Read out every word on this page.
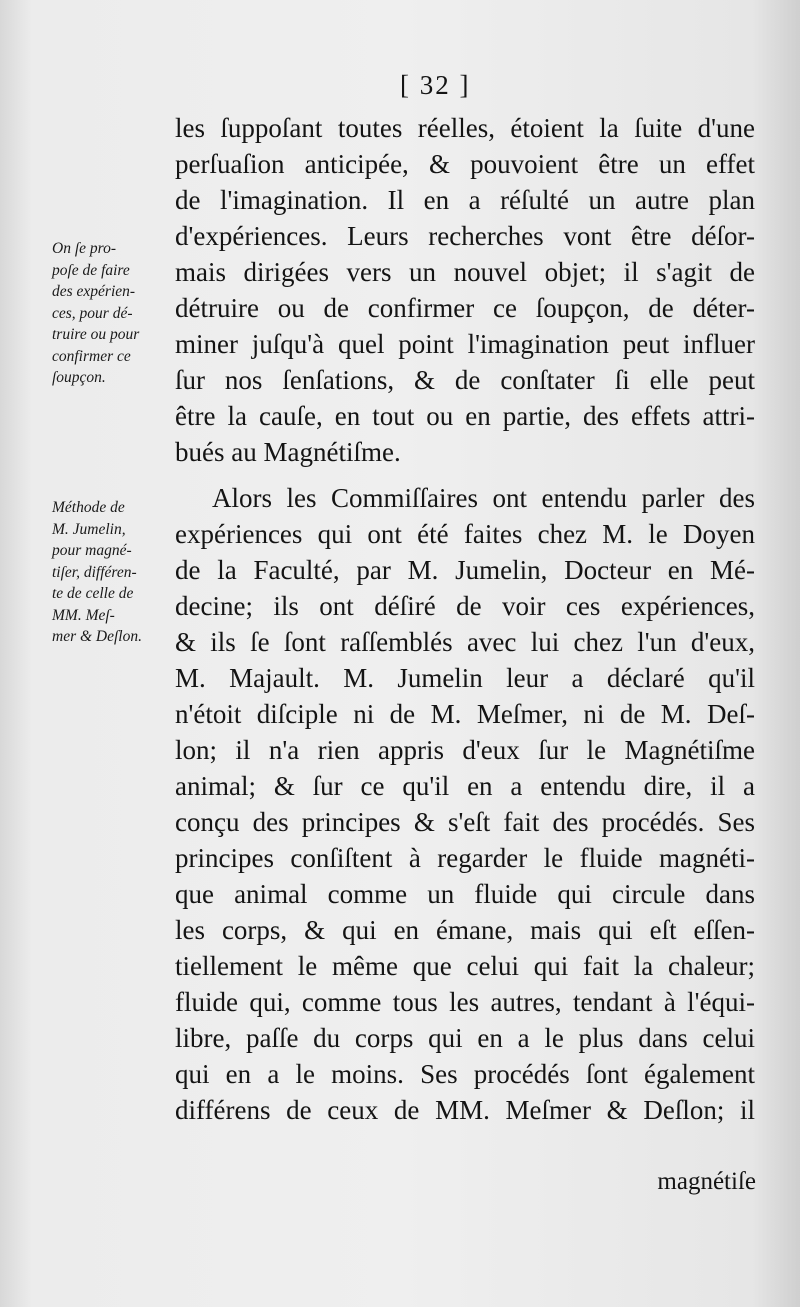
[ 32 ]
On ſe pro-
poſe de faire
des expérien-
ces, pour dé-
truire ou pour
confirmer ce
ſoupçon.
Méthode de
M. Jumelin,
pour magné-
tiſer, différen-
te de celle de
MM. Meſ-
mer & Deſlon.
les ſuppoſant toutes réelles, étoient la ſuite d'une
perſuaſion anticipée, & pouvoient être un effet
de l'imagination. Il en a réſulté un autre plan
d'expériences. Leurs recherches vont être déſor-
mais dirigées vers un nouvel objet; il s'agit de
détruire ou de confirmer ce ſoupçon, de déter-
miner juſqu'à quel point l'imagination peut influer
ſur nos ſenſations, & de conſtater ſi elle peut
être la cauſe, en tout ou en partie, des effets attri-
bués au Magnétiſme.
Alors les Commiſſaires ont entendu parler des
expériences qui ont été faites chez M. le Doyen
de la Faculté, par M. Jumelin, Docteur en Mé-
decine; ils ont déſiré de voir ces expériences,
& ils ſe ſont raſſemblés avec lui chez l'un d'eux,
M. Majault. M. Jumelin leur a déclaré qu'il
n'étoit diſciple ni de M. Meſmer, ni de M. Deſ-
lon; il n'a rien appris d'eux ſur le Magnétiſme
animal; & ſur ce qu'il en a entendu dire, il a
conçu des principes & s'eſt fait des procédés. Ses
principes conſiſtent à regarder le fluide magnéti-
que animal comme un fluide qui circule dans
les corps, & qui en émane, mais qui eſt eſſen-
tiellement le même que celui qui fait la chaleur;
fluide qui, comme tous les autres, tendant à l'équi-
libre, paſſe du corps qui en a le plus dans celui
qui en a le moins. Ses procédés ſont également
différens de ceux de MM. Meſmer & Deſlon; il
magnétiſe
